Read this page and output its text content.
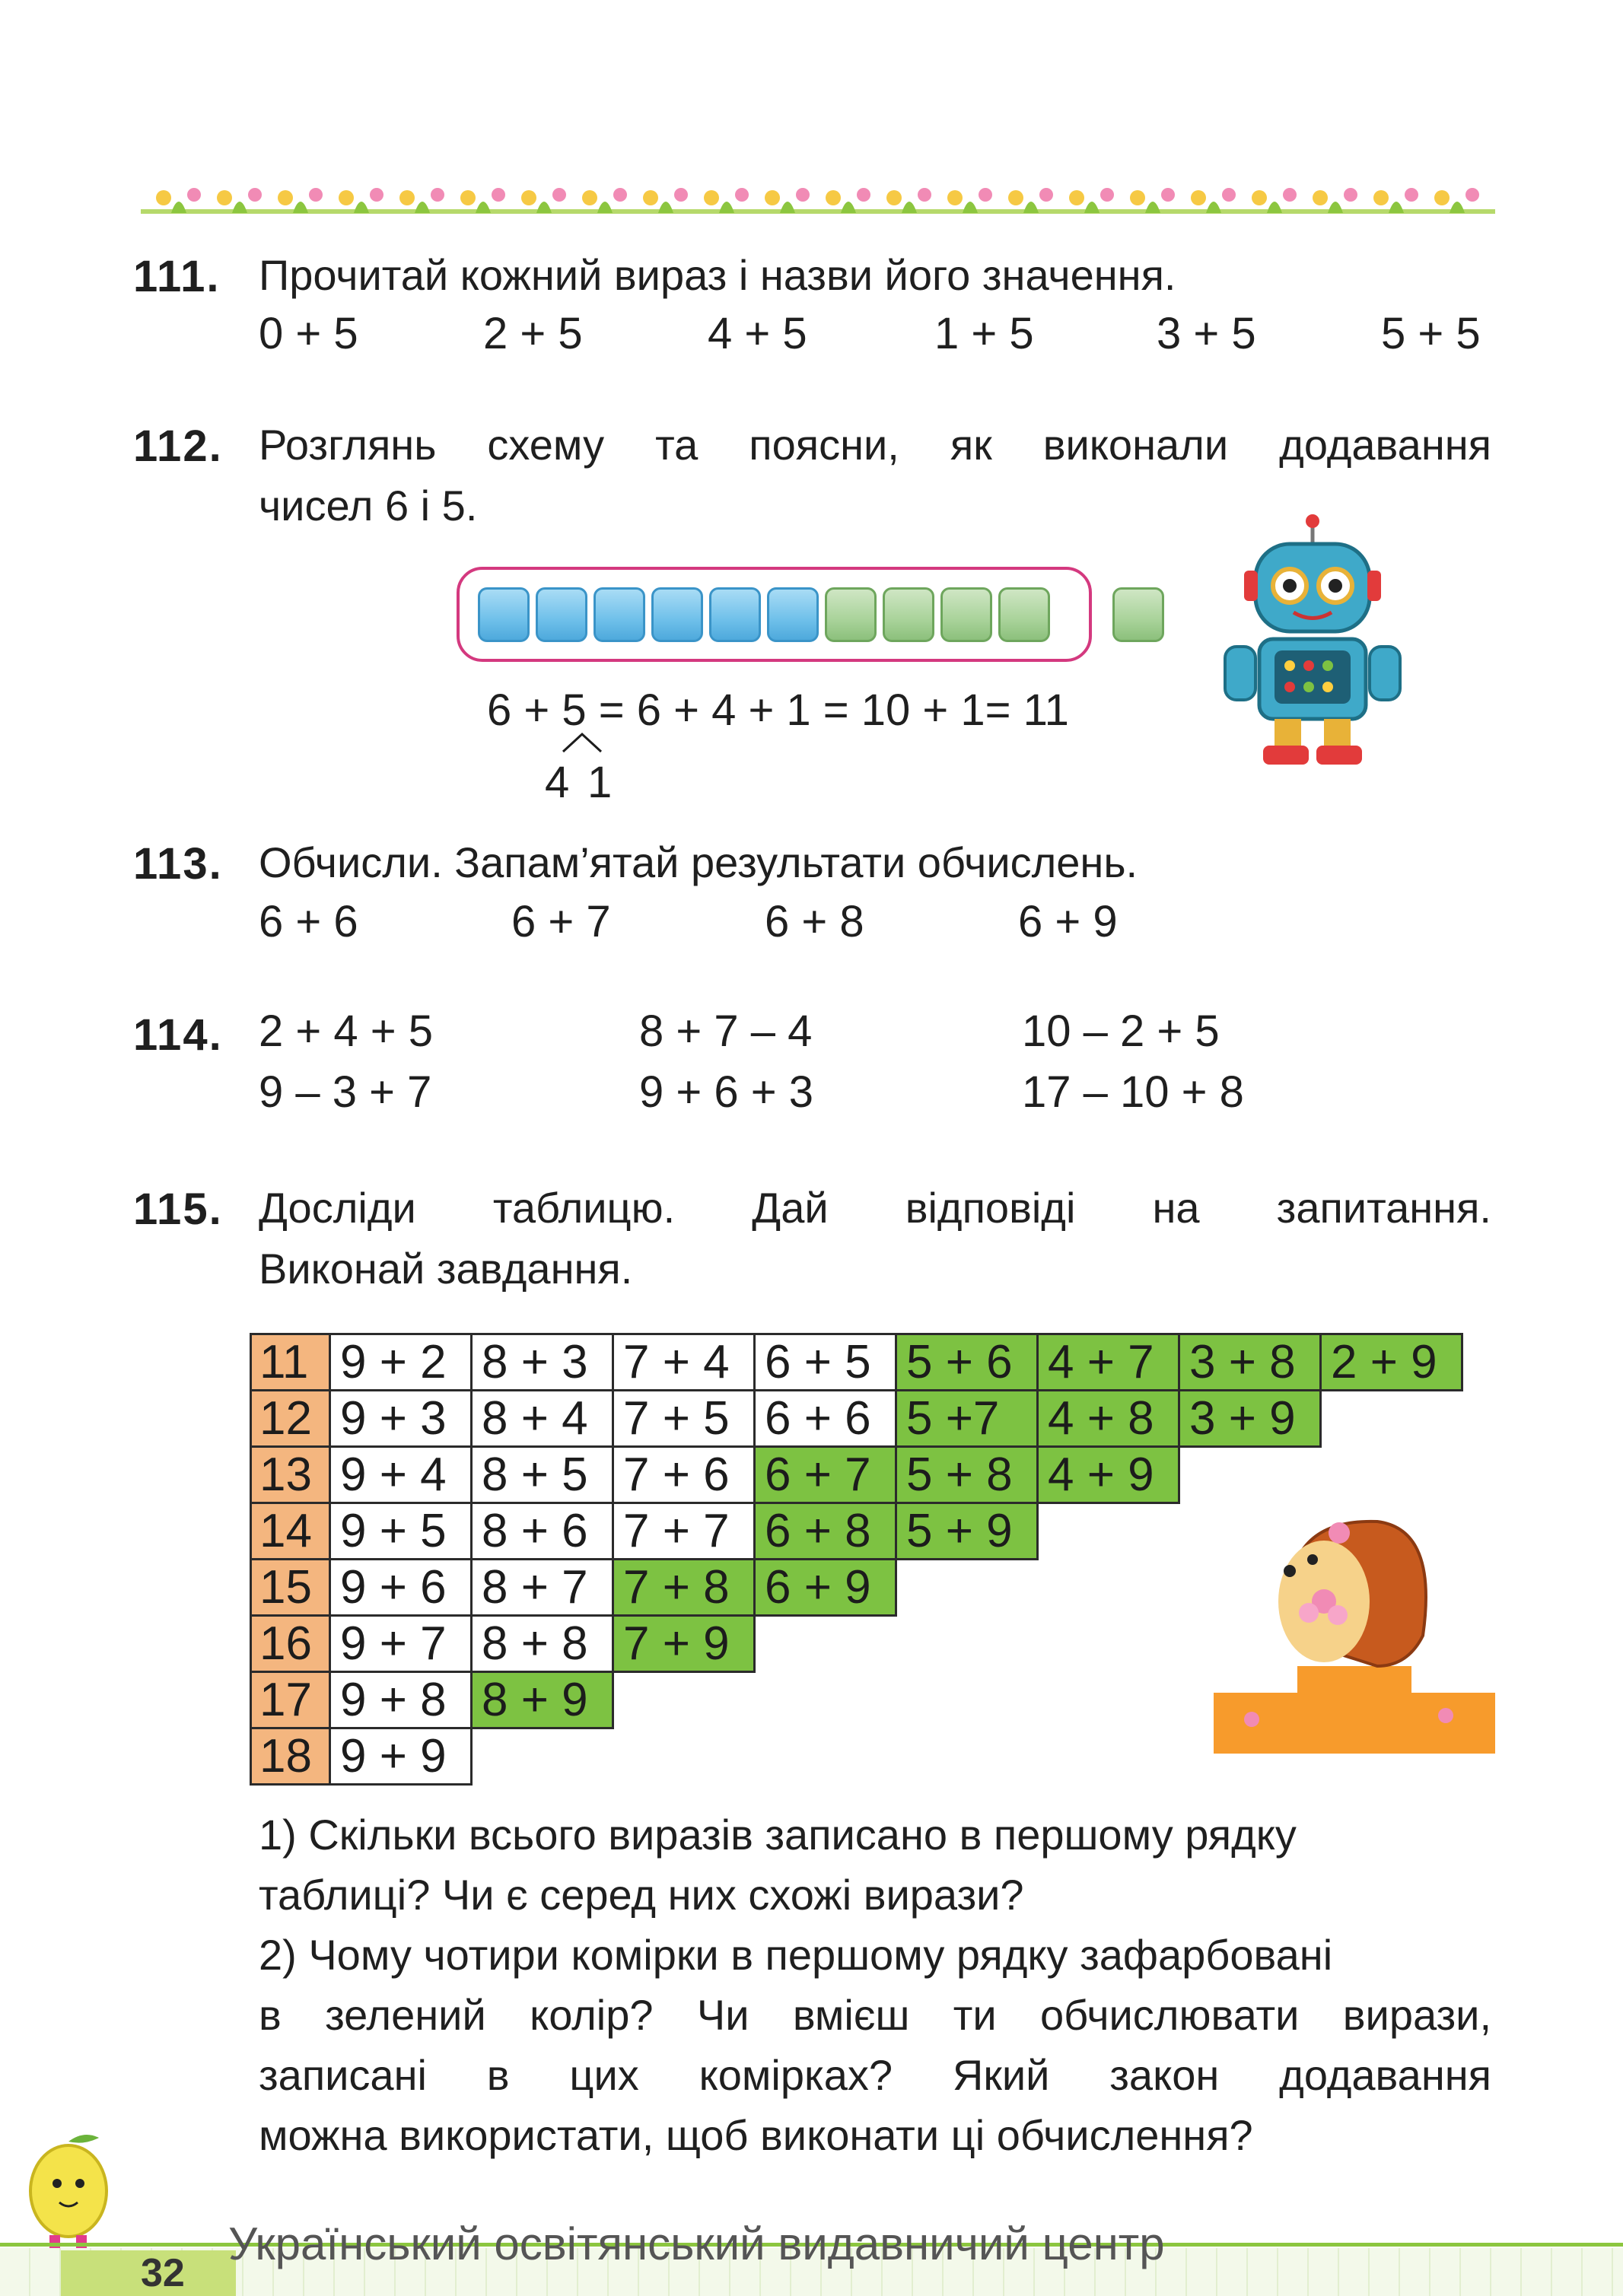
111. Прочитай кожний вираз і назви його значення.
0 + 5	2 + 5	4 + 5	1 + 5	3 + 5	5 + 5
112. Розглянь схему та поясни, як виконали додавання
чисел 6 і 5.
6 + 5 = 6 + 4 + 1 = 10 + 1= 11
4 1
113. Обчисли. Запам’ятай результати обчислень.
6 + 6	6 + 7	6 + 8	6 + 9
114. 2 + 4 + 5	8 + 7 – 4	10 – 2 + 5
9 – 3 + 7	9 + 6 + 3	17 – 10 + 8
115. Досліди таблицю. Дай відповіді на запитання.
Виконай завдання.
11	9 + 2	8 + 3	7 + 4	6 + 5	5 + 6	4 + 7	3 + 8	2 + 9
12	9 + 3	8 + 4	7 + 5	6 + 6	5 +7	4 + 8	3 + 9	
13	9 + 4	8 + 5	7 + 6	6 + 7	5 + 8	4 + 9		
14	9 + 5	8 + 6	7 + 7	6 + 8	5 + 9			
15	9 + 6	8 + 7	7 + 8	6 + 9				
16	9 + 7	8 + 8	7 + 9					
17	9 + 8	8 + 9						
18	9 + 9							
1) Скільки всього виразів записано в першому рядку
таблиці? Чи є серед них схожі вирази?
2) Чому чотири комірки в першому рядку зафарбовані
в зелений колір? Чи вмієш ти обчислювати вирази,
записані в цих комірках? Який закон додавання
можна використати, щоб виконати ці обчислення?
32
Український освітянський видавничий центр
